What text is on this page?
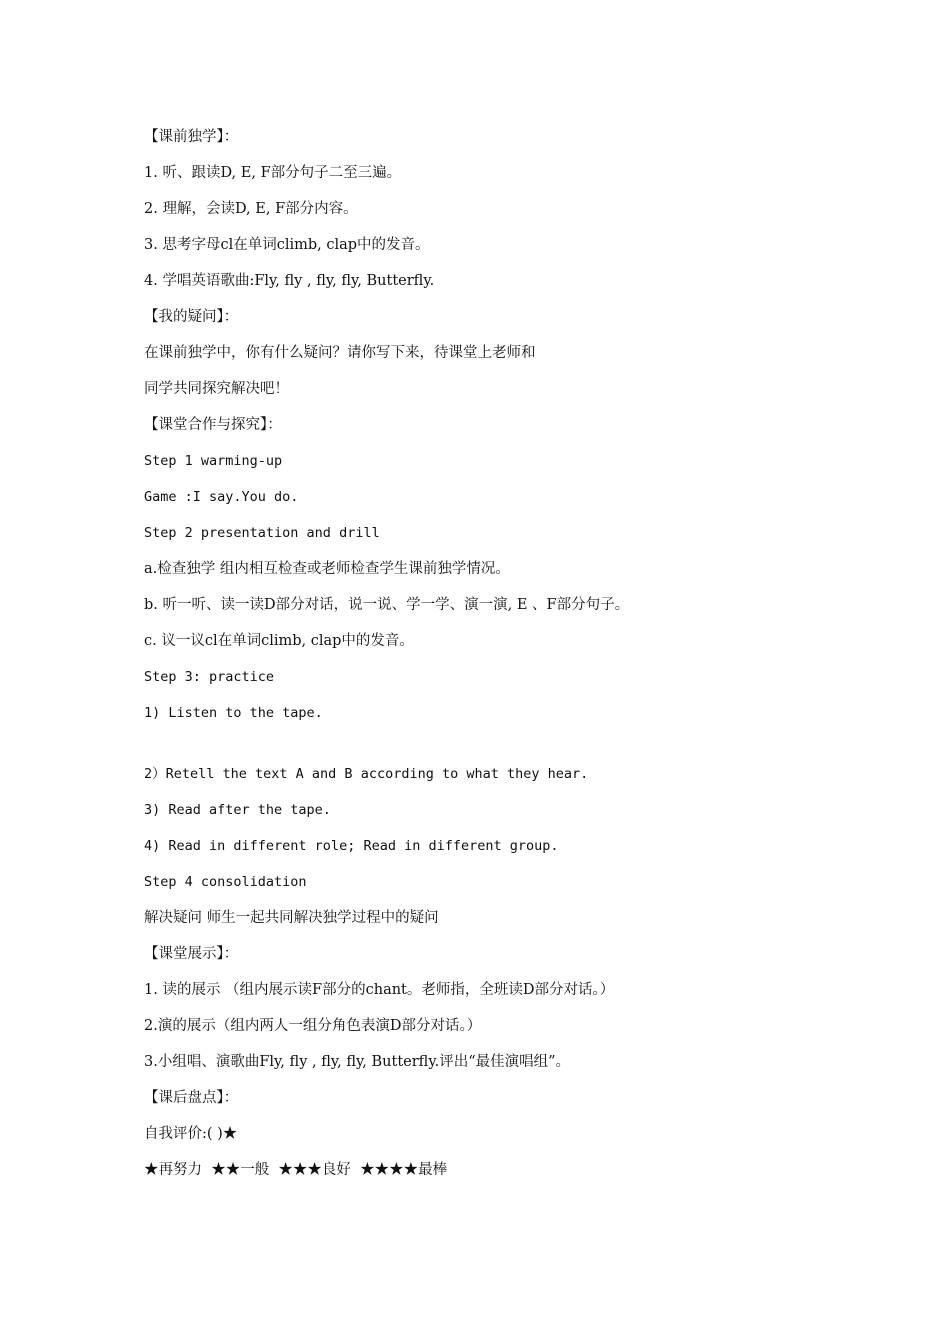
【课前独学】：
1. 听、跟读D, E, F部分句子二至三遍。
2. 理解，会读D, E, F部分内容。
3. 思考字母cl在单词climb, clap中的发音。
4. 学唱英语歌曲:Fly, fly , fly, fly, Butterfly.
【我的疑问】：
在课前独学中，你有什么疑问？请你写下来，待课堂上老师和
同学共同探究解决吧！
【课堂合作与探究】：
Step 1 warming-up
Game :I say.You do.
Step 2 presentation and drill
a.检查独学 组内相互检查或老师检查学生课前独学情况。
b. 听一听、读一读D部分对话，说一说、学一学、演一演, E 、F部分句子。
c. 议一议cl在单词climb, clap中的发音。
Step 3: practice
1) Listen to the tape.
2）Retell the text A and B according to what they hear.
3) Read after the tape.
4) Read in different role; Read in different group.
Step 4 consolidation
解决疑问 师生一起共同解决独学过程中的疑问
【课堂展示】：
1. 读的展示 （组内展示读F部分的chant。老师指，全班读D部分对话。）
2.演的展示（组内两人一组分角色表演D部分对话。）
3.小组唱、演歌曲Fly, fly , fly, fly, Butterfly.评出“最佳演唱组”。
【课后盘点】：
自我评价:( )★
★再努力  ★★一般  ★★★良好  ★★★★最棒
